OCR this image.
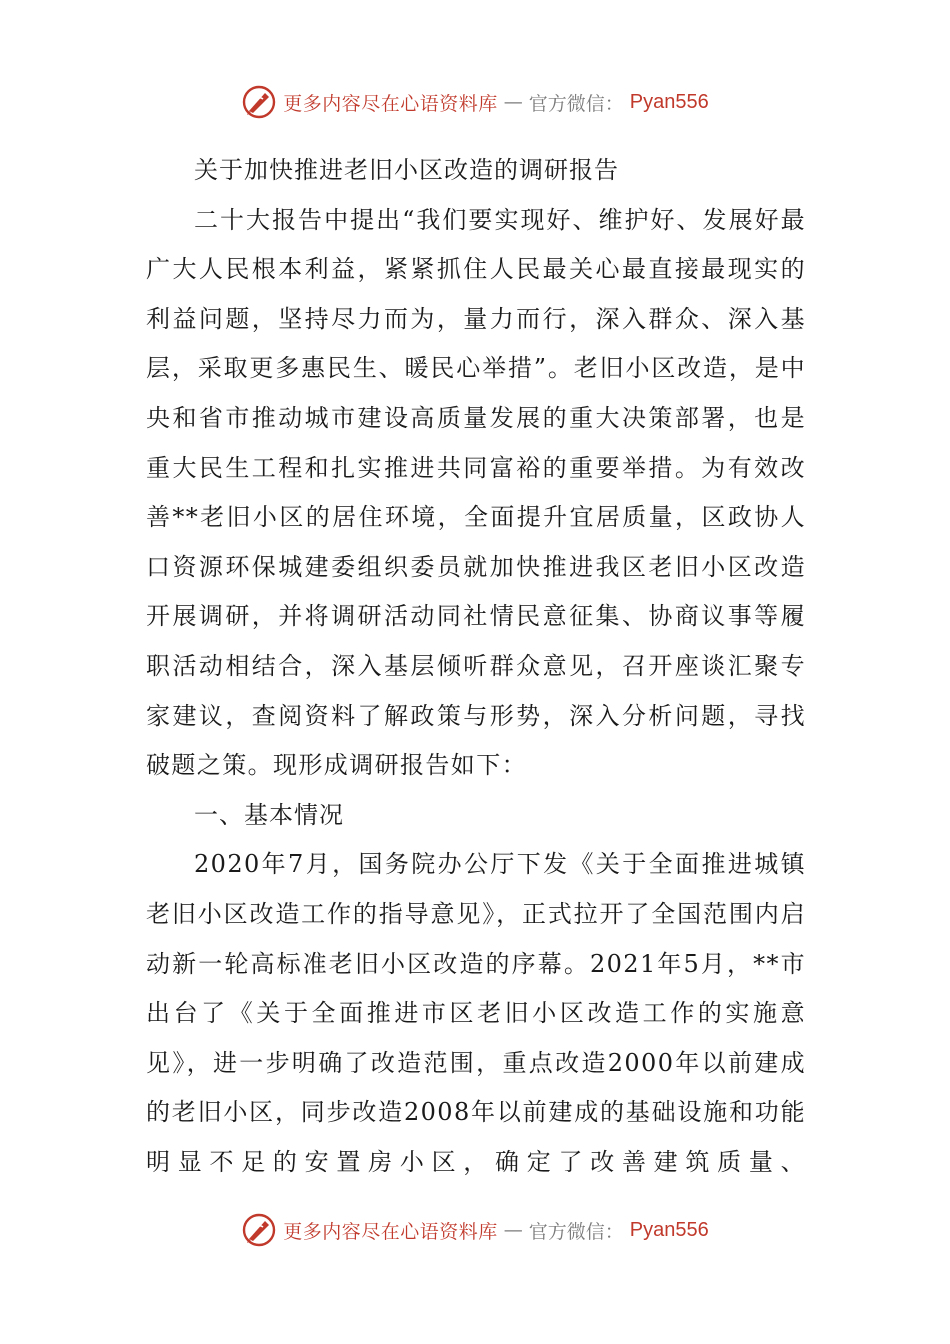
更多内容尽在心语资料库 — 官方微信： Pyan556

关于加快推进老旧小区改造的调研报告

二十大报告中提出“我们要实现好、维护好、发展好最广大人民根本利益，紧紧抓住人民最关心最直接最现实的利益问题，坚持尽力而为，量力而行，深入群众、深入基层，采取更多惠民生、暖民心举措”。老旧小区改造，是中央和省市推动城市建设高质量发展的重大决策部署，也是重大民生工程和扎实推进共同富裕的重要举措。为有效改善**老旧小区的居住环境，全面提升宜居质量，区政协人口资源环保城建委组织委员就加快推进我区老旧小区改造开展调研，并将调研活动同社情民意征集、协商议事等履职活动相结合，深入基层倾听群众意见，召开座谈汇聚专家建议，查阅资料了解政策与形势，深入分析问题，寻找破题之策。现形成调研报告如下：

一、基本情况

2020年7月，国务院办公厅下发《关于全面推进城镇老旧小区改造工作的指导意见》，正式拉开了全国范围内启动新一轮高标准老旧小区改造的序幕。2021年5月，**市出台了《关于全面推进市区老旧小区改造工作的实施意见》，进一步明确了改造范围，重点改造2000年以前建成的老旧小区，同步改造2008年以前建成的基础设施和功能明显不足的安置房小区，确定了改善建筑质量、

更多内容尽在心语资料库 — 官方微信： Pyan556
